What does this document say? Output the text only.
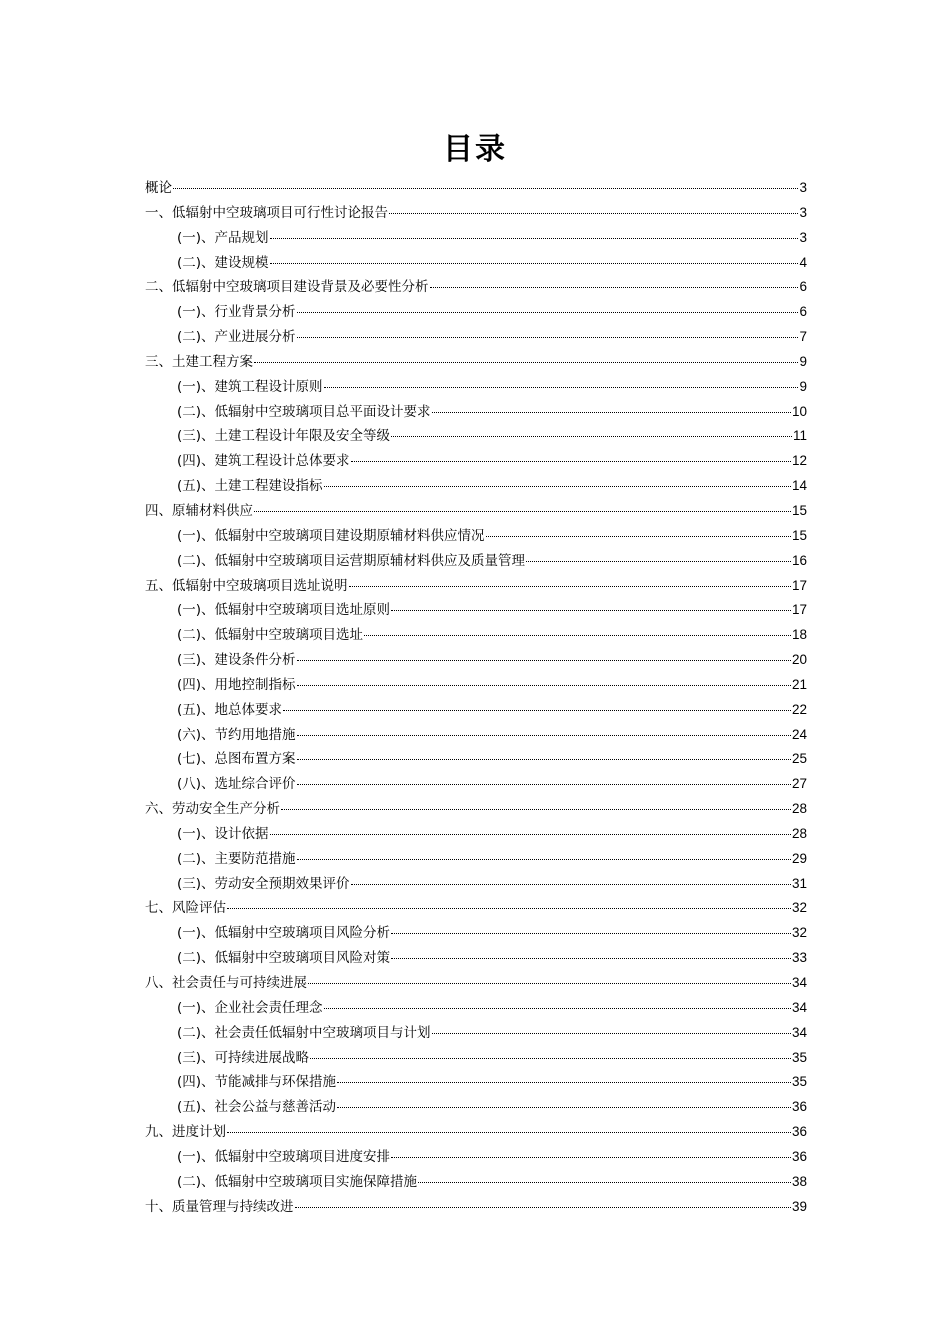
目录
概论	3
一、低辐射中空玻璃项目可行性讨论报告	3
(一)、产品规划	3
(二)、建设规模	4
二、低辐射中空玻璃项目建设背景及必要性分析	6
(一)、行业背景分析	6
(二)、产业进展分析	7
三、土建工程方案	9
(一)、建筑工程设计原则	9
(二)、低辐射中空玻璃项目总平面设计要求	10
(三)、土建工程设计年限及安全等级	11
(四)、建筑工程设计总体要求	12
(五)、土建工程建设指标	14
四、原辅材料供应	15
(一)、低辐射中空玻璃项目建设期原辅材料供应情况	15
(二)、低辐射中空玻璃项目运营期原辅材料供应及质量管理	16
五、低辐射中空玻璃项目选址说明	17
(一)、低辐射中空玻璃项目选址原则	17
(二)、低辐射中空玻璃项目选址	18
(三)、建设条件分析	20
(四)、用地控制指标	21
(五)、地总体要求	22
(六)、节约用地措施	24
(七)、总图布置方案	25
(八)、选址综合评价	27
六、劳动安全生产分析	28
(一)、设计依据	28
(二)、主要防范措施	29
(三)、劳动安全预期效果评价	31
七、风险评估	32
(一)、低辐射中空玻璃项目风险分析	32
(二)、低辐射中空玻璃项目风险对策	33
八、社会责任与可持续进展	34
(一)、企业社会责任理念	34
(二)、社会责任低辐射中空玻璃项目与计划	34
(三)、可持续进展战略	35
(四)、节能减排与环保措施	35
(五)、社会公益与慈善活动	36
九、进度计划	36
(一)、低辐射中空玻璃项目进度安排	36
(二)、低辐射中空玻璃项目实施保障措施	38
十、质量管理与持续改进	39
